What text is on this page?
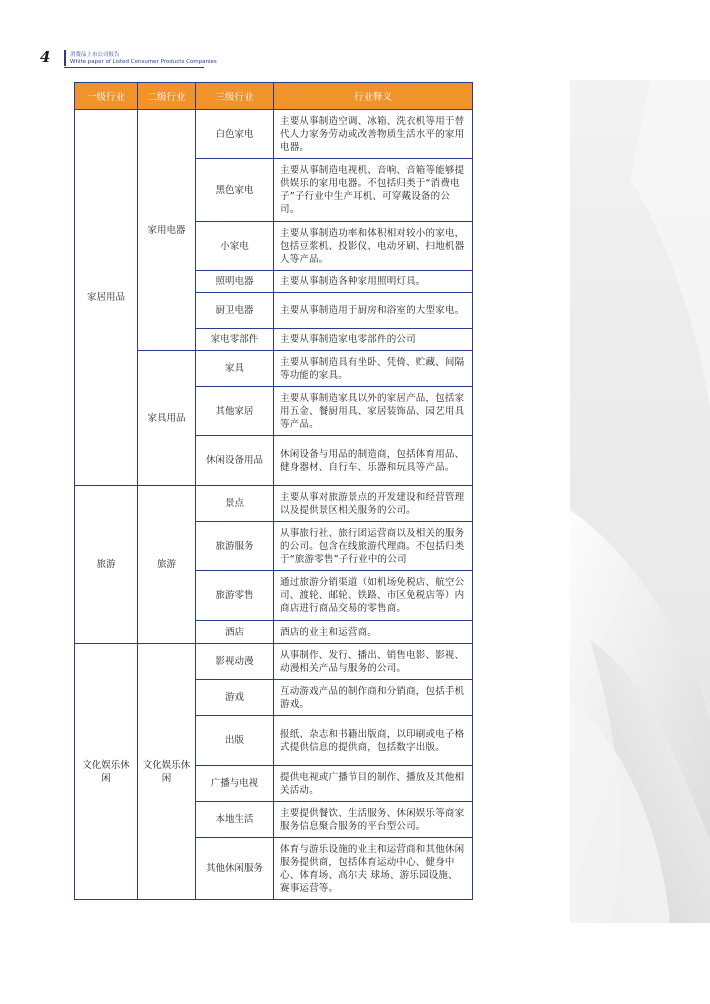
4	消费品上市公司报告
White paper of Listed Consumer Products Companies
一级行业	二级行业	三级行业	行业释义
家居用品	家用电器	白色家电	主要从事制造空调、冰箱、洗衣机等用于替代人力家务劳动或改善物质生活水平的家用电器。
		黑色家电	主要从事制造电视机、音响、音箱等能够提供娱乐的家用电器。不包括归类于“消费电子”子行业中生产耳机、可穿戴设备的公司。
		小家电	主要从事制造功率和体积相对较小的家电，包括豆浆机、投影仪、电动牙刷、扫地机器人等产品。
		照明电器	主要从事制造各种家用照明灯具。
		厨卫电器	主要从事制造用于厨房和浴室的大型家电。
		家电零部件	主要从事制造家电零部件的公司
	家具用品	家具	主要从事制造具有坐卧、凭倚、贮藏、间隔等功能的家具。
		其他家居	主要从事制造家具以外的家居产品，包括家用五金、餐厨用具、家居装饰品、园艺用具等产品。
		休闲设备用品	休闲设备与用品的制造商，包括体育用品、健身器材、自行车、乐器和玩具等产品。
旅游	旅游	景点	主要从事对旅游景点的开发建设和经营管理以及提供景区相关服务的公司。
		旅游服务	从事旅行社、旅行团运营商以及相关的服务的公司。包含在线旅游代理商。不包括归类于“旅游零售”子行业中的公司
		旅游零售	通过旅游分销渠道（如机场免税店、航空公司、渡轮、邮轮、铁路、市区免税店等）内商店进行商品交易的零售商。
		酒店	酒店的业主和运营商。
文化娱乐休闲	文化娱乐休闲	影视动漫	从事制作、发行、播出、销售电影、影视、动漫相关产品与服务的公司。
		游戏	互动游戏产品的制作商和分销商，包括手机游戏。
		出版	报纸、杂志和书籍出版商，以印刷或电子格式提供信息的提供商，包括数字出版。
		广播与电视	提供电视或广播节目的制作、播放及其他相关活动。
		本地生活	主要提供餐饮、生活服务、休闲娱乐等商家服务信息聚合服务的平台型公司。
		其他休闲服务	体育与游乐设施的业主和运营商和其他休闲服务提供商，包括体育运动中心、健身中心、体育场、高尔夫 球场、游乐园设施、赛事运营等。
